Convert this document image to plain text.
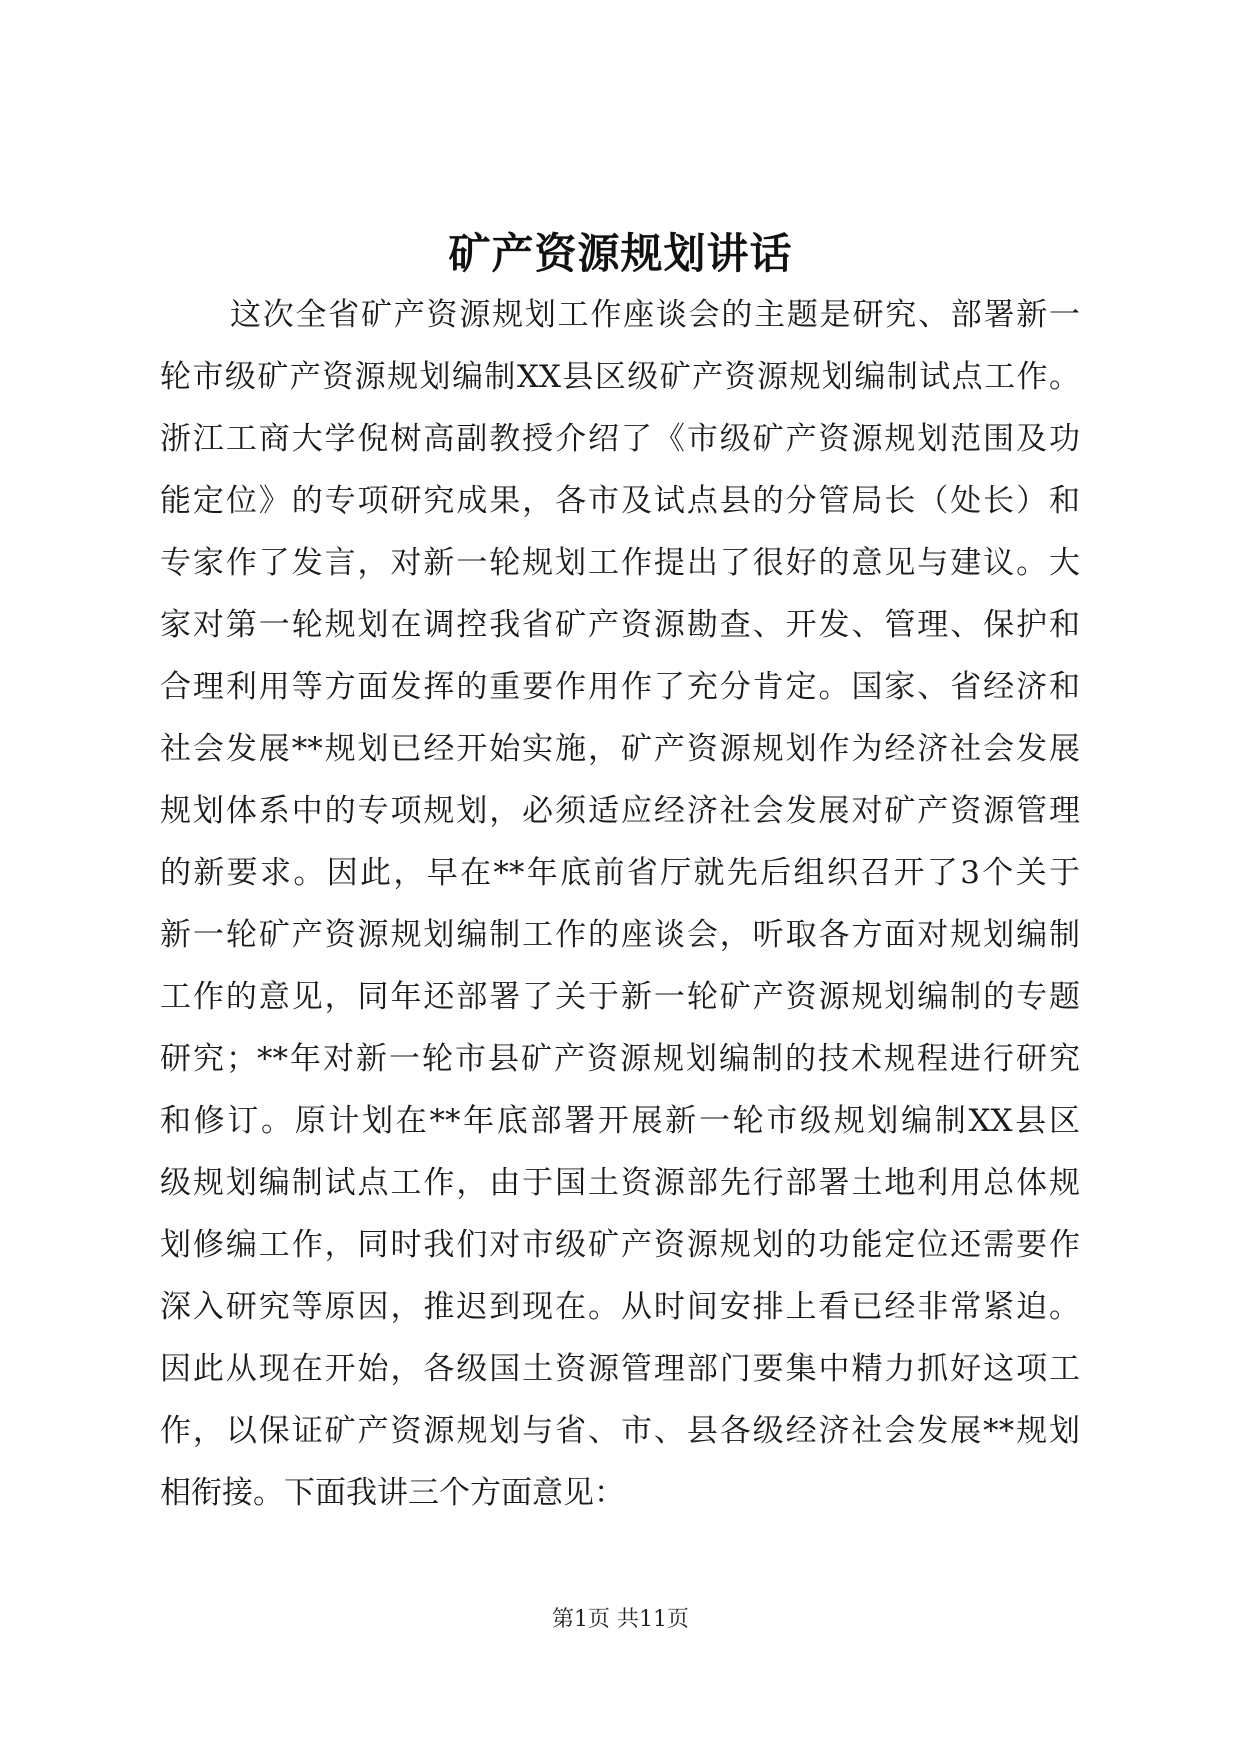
矿产资源规划讲话
这次全省矿产资源规划工作座谈会的主题是研究、部署新一
轮市级矿产资源规划编制XX县区级矿产资源规划编制试点工作。
浙江工商大学倪树高副教授介绍了《市级矿产资源规划范围及功
能定位》的专项研究成果，各市及试点县的分管局长（处长）和
专家作了发言，对新一轮规划工作提出了很好的意见与建议。大
家对第一轮规划在调控我省矿产资源勘查、开发、管理、保护和
合理利用等方面发挥的重要作用作了充分肯定。国家、省经济和
社会发展**规划已经开始实施，矿产资源规划作为经济社会发展
规划体系中的专项规划，必须适应经济社会发展对矿产资源管理
的新要求。因此，早在**年底前省厅就先后组织召开了3个关于
新一轮矿产资源规划编制工作的座谈会，听取各方面对规划编制
工作的意见，同年还部署了关于新一轮矿产资源规划编制的专题
研究；**年对新一轮市县矿产资源规划编制的技术规程进行研究
和修订。原计划在**年底部署开展新一轮市级规划编制XX县区
级规划编制试点工作，由于国土资源部先行部署土地利用总体规
划修编工作，同时我们对市级矿产资源规划的功能定位还需要作
深入研究等原因，推迟到现在。从时间安排上看已经非常紧迫。
因此从现在开始，各级国土资源管理部门要集中精力抓好这项工
作，以保证矿产资源规划与省、市、县各级经济社会发展**规划
相衔接。下面我讲三个方面意见：
第1页 共11页
